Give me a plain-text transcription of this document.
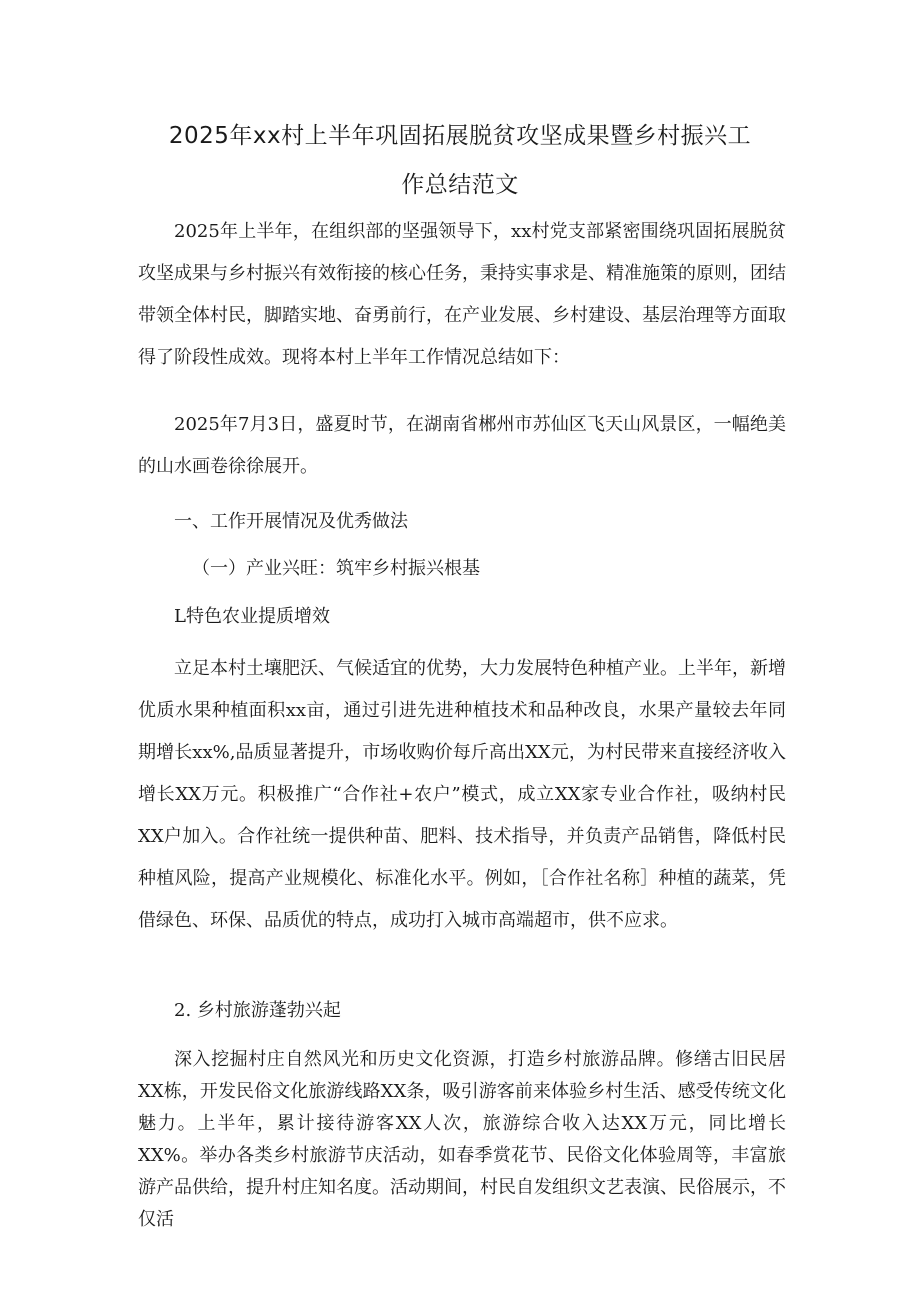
2025年xx村上半年巩固拓展脱贫攻坚成果暨乡村振兴工
作总结范文

2025年上半年，在组织部的坚强领导下，xx村党支部紧密围绕巩固拓展脱贫攻坚成果与乡村振兴有效衔接的核心任务，秉持实事求是、精准施策的原则，团结带领全体村民，脚踏实地、奋勇前行，在产业发展、乡村建设、基层治理等方面取得了阶段性成效。现将本村上半年工作情况总结如下：

2025年7月3日，盛夏时节，在湖南省郴州市苏仙区飞天山风景区，一幅绝美的山水画卷徐徐展开。

一、工作开展情况及优秀做法

（一）产业兴旺：筑牢乡村振兴根基

L特色农业提质增效

立足本村土壤肥沃、气候适宜的优势，大力发展特色种植产业。上半年，新增优质水果种植面积xx亩，通过引进先进种植技术和品种改良，水果产量较去年同期增长xx%,品质显著提升，市场收购价每斤高出XX元，为村民带来直接经济收入增长XX万元。积极推广“合作社+农户”模式，成立XX家专业合作社，吸纳村民XX户加入。合作社统一提供种苗、肥料、技术指导，并负责产品销售，降低村民种植风险，提高产业规模化、标准化水平。例如，［合作社名称］种植的蔬菜，凭借绿色、环保、品质优的特点，成功打入城市高端超市，供不应求。

2. 乡村旅游蓬勃兴起

深入挖掘村庄自然风光和历史文化资源，打造乡村旅游品牌。修缮古旧民居XX栋，开发民俗文化旅游线路XX条，吸引游客前来体验乡村生活、感受传统文化魅力。上半年，累计接待游客XX人次，旅游综合收入达XX万元，同比增长XX%。举办各类乡村旅游节庆活动，如春季赏花节、民俗文化体验周等，丰富旅游产品供给，提升村庄知名度。活动期间，村民自发组织文艺表演、民俗展示，不仅活
